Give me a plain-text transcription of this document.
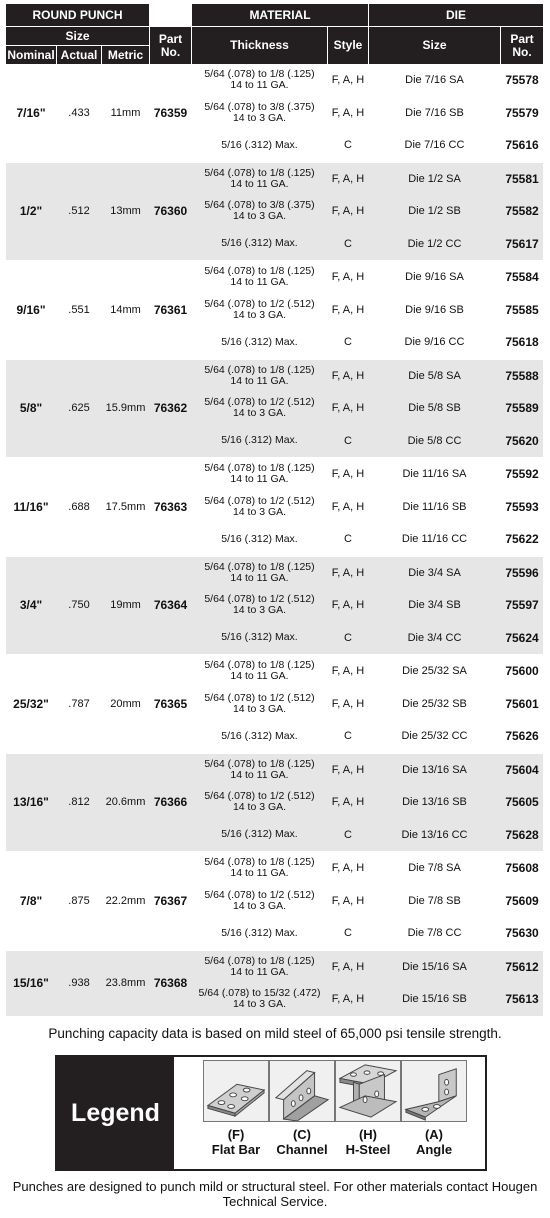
ROUND PUNCH
Size
Nominal Actual Metric
Part No.
MATERIAL
Thickness	Style
DIE
Size	Part No.
7/16"	.433	11mm	76359
5/64 (.078) to 1/8 (.125)
14 to 11 GA.	F, A, H	Die 7/16 SA	75578
5/64 (.078) to 3/8 (.375)
14 to 3 GA.	F, A, H	Die 7/16 SB	75579
5/16 (.312) Max.	C	Die 7/16 CC	75616
1/2"	.512	13mm	76360
5/64 (.078) to 1/8 (.125)
14 to 11 GA.	F, A, H	Die 1/2 SA	75581
5/64 (.078) to 3/8 (.375)
14 to 3 GA.	F, A, H	Die 1/2 SB	75582
5/16 (.312) Max.	C	Die 1/2 CC	75617
9/16"	.551	14mm	76361
5/64 (.078) to 1/8 (.125)
14 to 11 GA.	F, A, H	Die 9/16 SA	75584
5/64 (.078) to 1/2 (.512)
14 to 3 GA.	F, A, H	Die 9/16 SB	75585
5/16 (.312) Max.	C	Die 9/16 CC	75618
5/8"	.625	15.9mm 76362
5/64 (.078) to 1/8 (.125)
14 to 11 GA.	F, A, H	Die 5/8 SA	75588
5/64 (.078) to 1/2 (.512)
14 to 3 GA.	F, A, H	Die 5/8 SB	75589
5/16 (.312) Max.	C	Die 5/8 CC	75620
11/16"	.688	17.5mm 76363
5/64 (.078) to 1/8 (.125)
14 to 11 GA.	F, A, H	Die 11/16 SA	75592
5/64 (.078) to 1/2 (.512)
14 to 3 GA.	F, A, H	Die 11/16 SB	75593
5/16 (.312) Max.	C	Die 11/16 CC	75622
3/4"	.750	19mm	76364
5/64 (.078) to 1/8 (.125)
14 to 11 GA.	F, A, H	Die 3/4 SA	75596
5/64 (.078) to 1/2 (.512)
14 to 3 GA.	F, A, H	Die 3/4 SB	75597
5/16 (.312) Max.	C	Die 3/4 CC	75624
25/32"	.787	20mm	76365
5/64 (.078) to 1/8 (.125)
14 to 11 GA.	F, A, H	Die 25/32 SA	75600
5/64 (.078) to 1/2 (.512)
14 to 3 GA.	F, A, H	Die 25/32 SB	75601
5/16 (.312) Max.	C	Die 25/32 CC	75626
13/16"	.812	20.6mm 76366
5/64 (.078) to 1/8 (.125)
14 to 11 GA.	F, A, H	Die 13/16 SA	75604
5/64 (.078) to 1/2 (.512)
14 to 3 GA.	F, A, H	Die 13/16 SB	75605
5/16 (.312) Max.	C	Die 13/16 CC	75628
7/8"	.875	22.2mm 76367
5/64 (.078) to 1/8 (.125)
14 to 11 GA.	F, A, H	Die 7/8 SA	75608
5/64 (.078) to 1/2 (.512)
14 to 3 GA.	F, A, H	Die 7/8 SB	75609
5/16 (.312) Max.	C	Die 7/8 CC	75630
15/16"	.938	23.8mm 76368
5/64 (.078) to 1/8 (.125)
14 to 11 GA.	F, A, H	Die 15/16 SA	75612
5/64 (.078) to 15/32 (.472)
14 to 3 GA.	F, A, H	Die 15/16 SB	75613
Punching capacity data is based on mild steel of 65,000 psi tensile strength.
Legend
(F)
Flat Bar
(C)
Channel
(H)
H-Steel
(A)
Angle
Punches are designed to punch mild or structural steel. For other materials contact Hougen Technical Service.
